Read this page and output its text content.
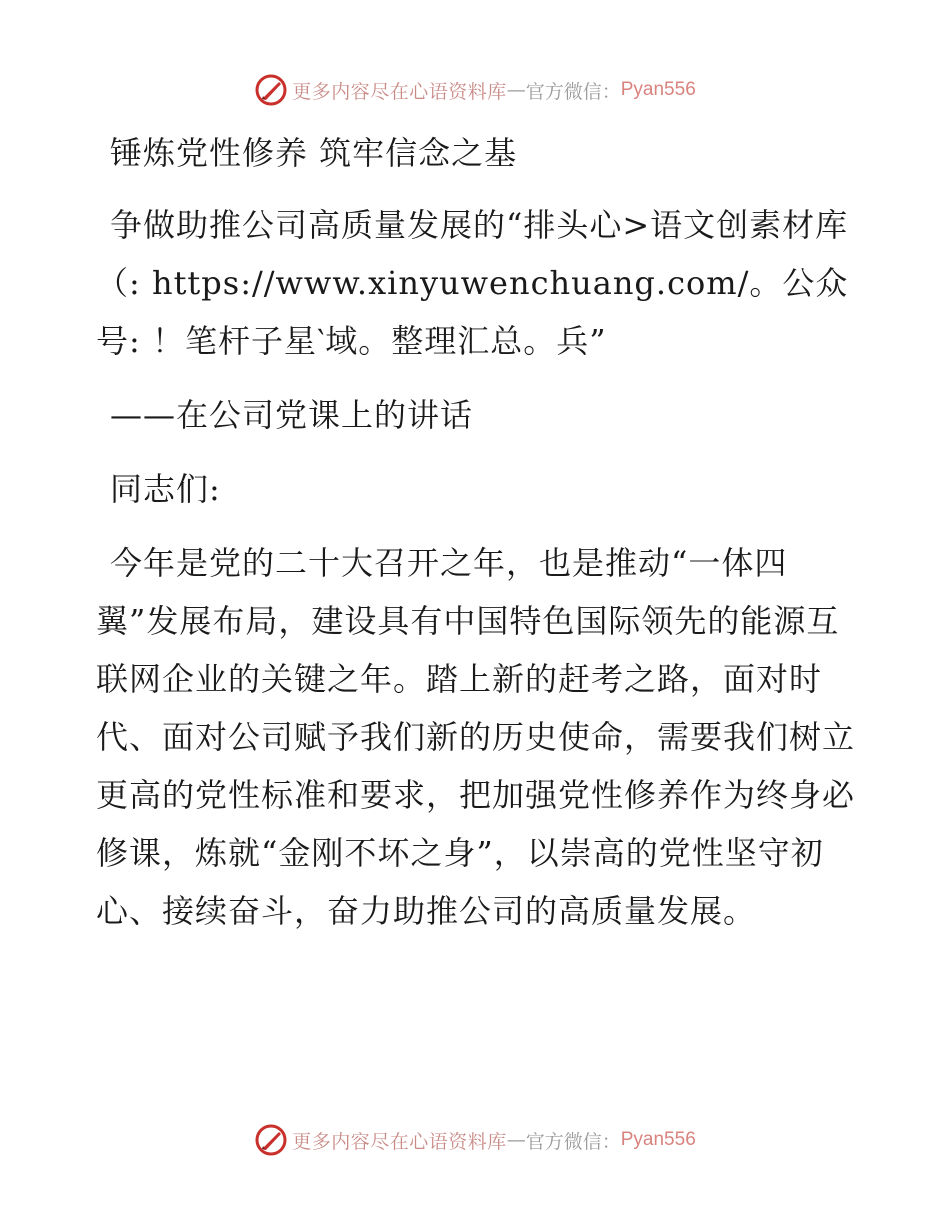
更多内容尽在心语资料库 — 官方微信： Pyan556

锤炼党性修养 筑牢信念之基

争做助推公司高质量发展的“排头心>语文创素材库（: https://www.xinyuwenchuang.com/。公众号: ！笔杆子星‵域。整理汇总。兵”

——在公司党课上的讲话

同志们:

今年是党的二十大召开之年，也是推动“一体四翼”发展布局，建设具有中国特色国际领先的能源互联网企业的关键之年。踏上新的赶考之路，面对时代、面对公司赋予我们新的历史使命，需要我们树立更高的党性标准和要求，把加强党性修养作为终身必修课，炼就“金刚不坏之身”，以崇高的党性坚守初心、接续奋斗，奋力助推公司的高质量发展。

更多内容尽在心语资料库 — 官方微信： Pyan556
